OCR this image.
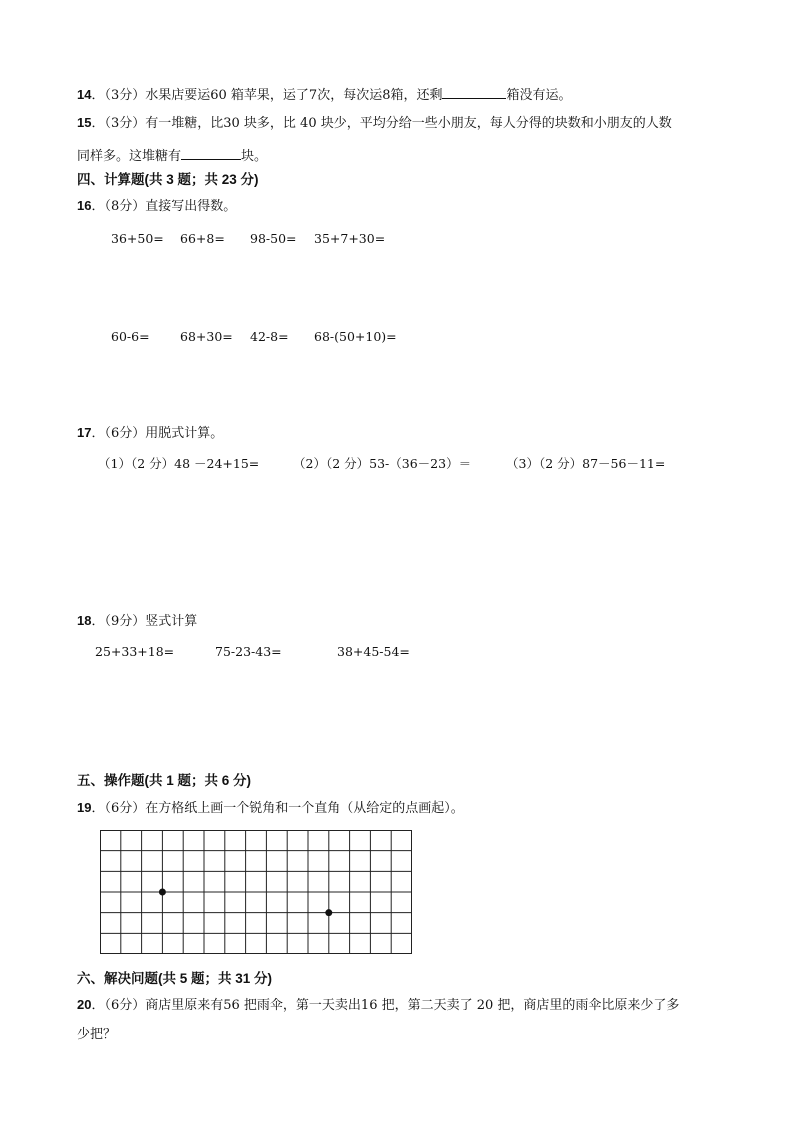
14．（3分）水果店要运60 箱苹果，运了7次，每次运8箱，还剩	箱没有运。
15．（3分）有一堆糖，比30 块多，比 40 块少，平均分给一些小朋友，每人分得的块数和小朋友的人数
同样多。这堆糖有	块。
四、计算题(共 3 题；共 23 分)
16．（8分）直接写出得数。
36+50= 66+8= 98-50= 35+7+30=
60-6= 68+30= 42-8= 68-(50+10)=
17．（6分）用脱式计算。
（1）（2 分）48 －24+15=	（2）（2 分）53-（36－23）＝	（3）（2 分）87－56－11=
18．（9分）竖式计算
25+33+18=	75-23-43=	38+45-54=
五、操作题(共 1 题；共 6 分)
19．（6分）在方格纸上画一个锐角和一个直角（从给定的点画起）。
六、解决问题(共 5 题；共 31 分)
20．（6分）商店里原来有56 把雨伞，第一天卖出16 把，第二天卖了 20 把，商店里的雨伞比原来少了多
少把？
